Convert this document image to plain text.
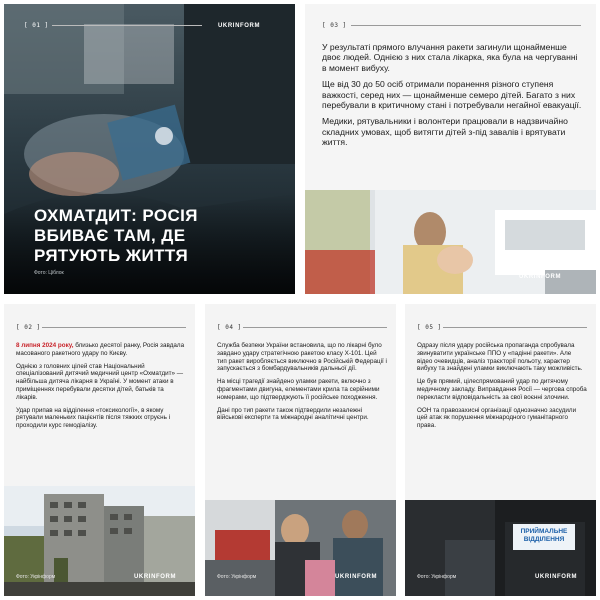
[ 01 ]	UKRINFORM
ОХМАТДИТ: РОСІЯ ВБИВАЄ ТАМ, ДЕ РЯТУЮТЬ ЖИТТЯ
Фото: Ціблок
[ 03 ]

У результаті прямого влучання ракети загинули щонайменше двоє людей. Однією з них стала лікарка, яка була на чергуванні в момент вибуху.

Ще від 30 до 50 осіб отримали поранення різного ступеня важкості, серед них — щонайменше семеро дітей. Багато з них перебували в критичному стані і потребували негайної евакуації.

Медики, рятувальники і волонтери працювали в надзвичайно складних умовах, щоб витягти дітей з-під завалів і врятувати життя.

UKRINFORM
[ 02 ]

8 липня 2024 року, близько десятої ранку, Росія завдала масованого ракетного удару по Києву.

Однією з головних цілей став Національний спеціалізований дитячий медичний центр «Охматдит» — найбільша дитяча лікарня в Україні. У момент атаки в приміщеннях перебували десятки дітей, батьків та лікарів.

Удар припав на відділення «токсикології», в якому рятували маленьких пацієнтів після тяжких отруєнь і проходили курс гемодіалізу.

Фото: Укрінформ	UKRINFORM
[ 04 ]

Служба безпеки України встановила, що по лікарні було завдано удару стратегічною ракетою класу Х-101. Цей тип ракет виробляється виключно в Російській Федерації і запускається з бомбардувальників дальньої дії.

На місці трагедії знайдено уламки ракети, включно з фрагментами двигуна, елементами крила та серійними номерами, що підтверджують її російське походження.

Дані про тип ракети також підтвердили незалежні військові експерти та міжнародні аналітичні центри.

Фото: Укрінформ	UKRINFORM
[ 05 ]

Одразу після удару російська пропаганда спробувала звинуватити українське ППО у «падінні ракети». Але відео очевидців, аналіз траєкторії польоту, характер вибуху та знайдені уламки виключають таку можливість.

Це був прямий, цілеспрямований удар по дитячому медичному закладу. Виправдання Росії — чергова спроба перекласти відповідальність за свої воєнні злочини.

ООН та правозахисні організації однозначно засудили цей атак як порушення міжнародного гуманітарного права.

ПРИЙМАЛЬНЕ
ВІДДІЛЕННЯ
Фото: Укрінформ	UKRINFORM
